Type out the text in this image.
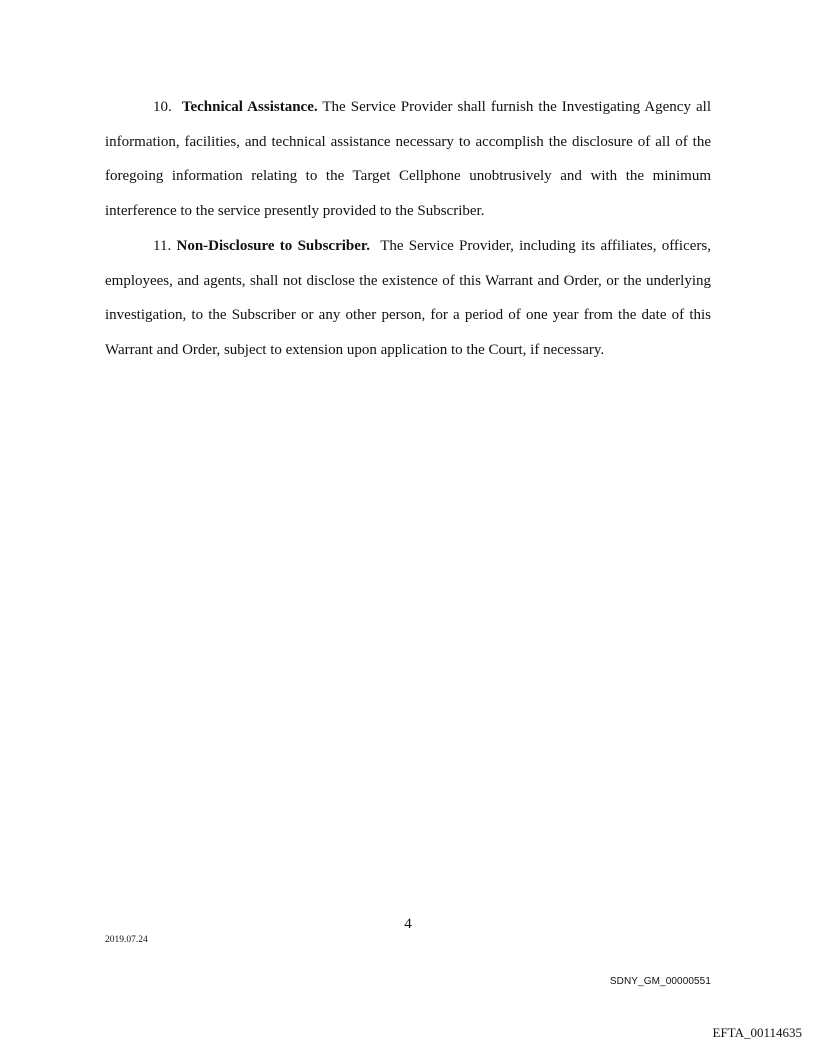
10. Technical Assistance. The Service Provider shall furnish the Investigating Agency all information, facilities, and technical assistance necessary to accomplish the disclosure of all of the foregoing information relating to the Target Cellphone unobtrusively and with the minimum interference to the service presently provided to the Subscriber.

11. Non-Disclosure to Subscriber. The Service Provider, including its affiliates, officers, employees, and agents, shall not disclose the existence of this Warrant and Order, or the underlying investigation, to the Subscriber or any other person, for a period of one year from the date of this Warrant and Order, subject to extension upon application to the Court, if necessary.

4
2019.07.24
SDNY_GM_00000551
EFTA_00114635
